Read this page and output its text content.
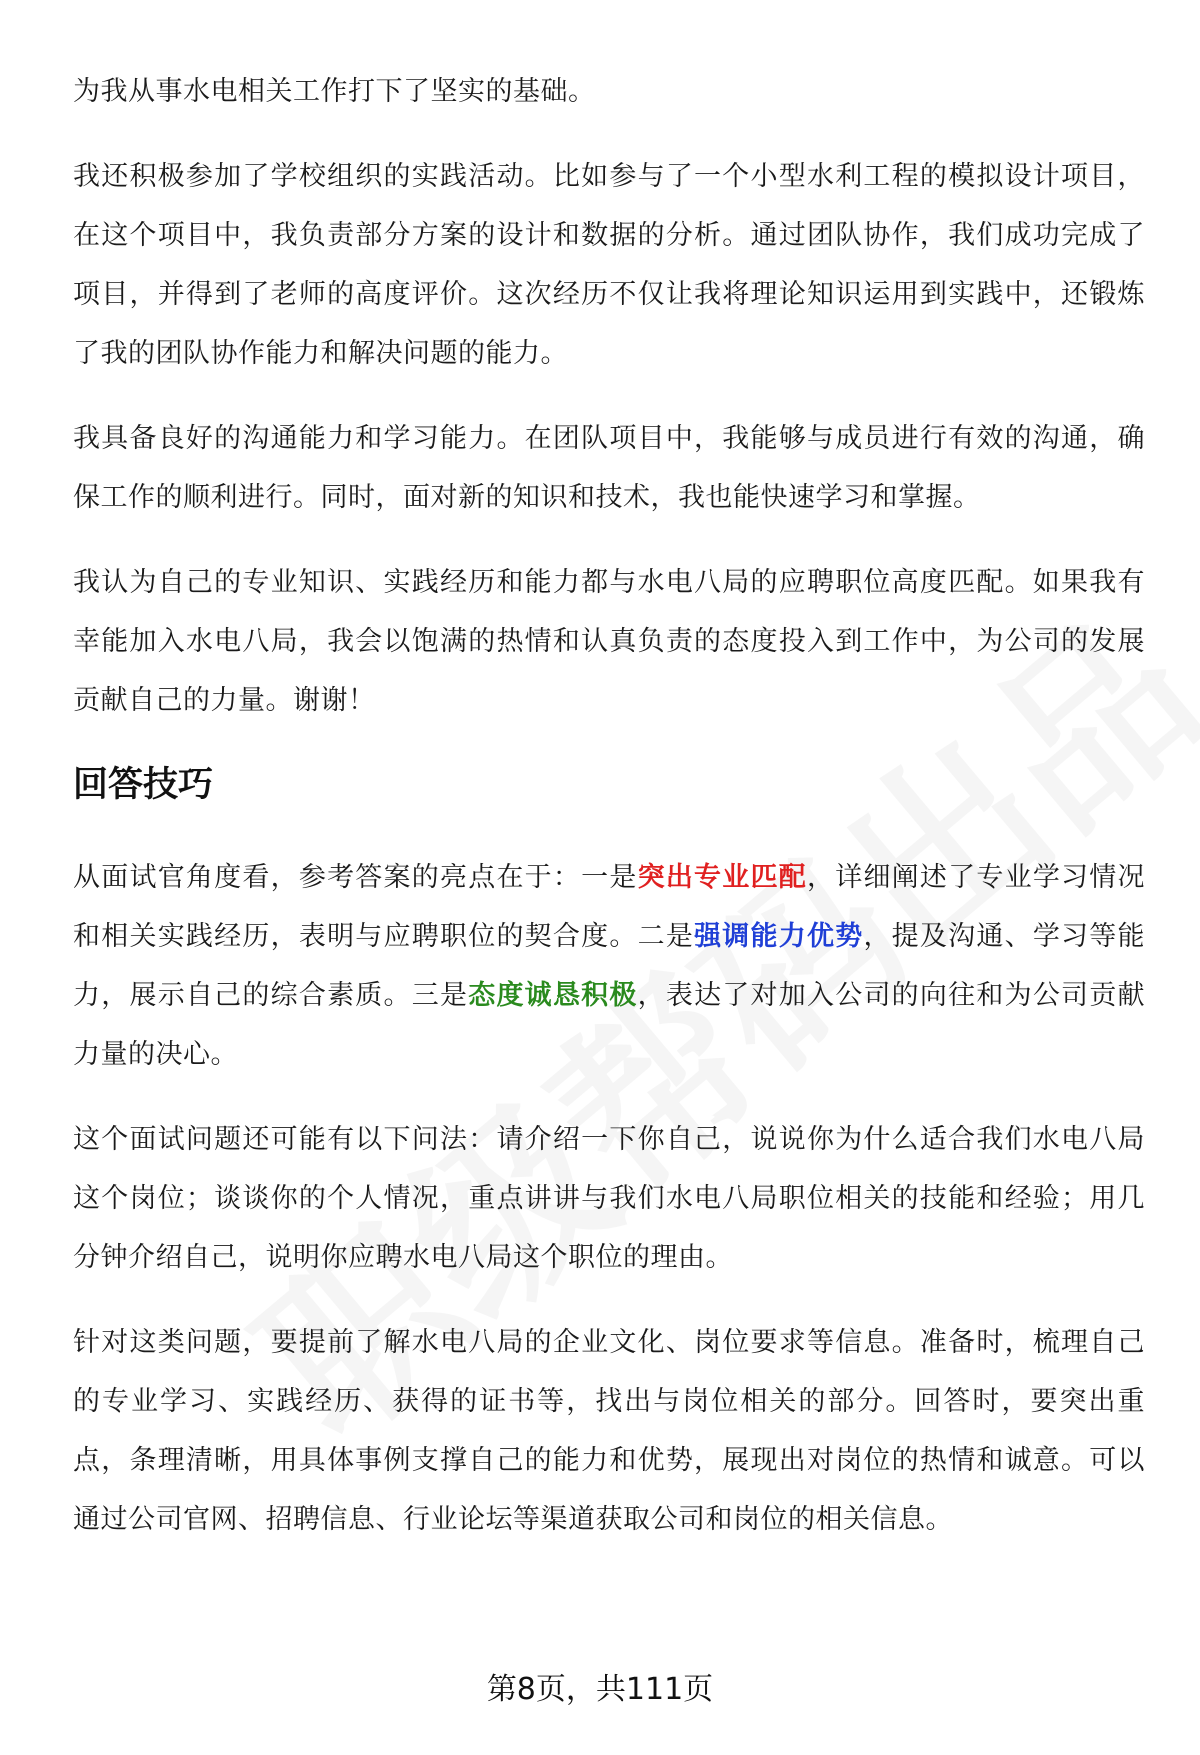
为我从事水电相关工作打下了坚实的基础。

我还积极参加了学校组织的实践活动。比如参与了一个小型水利工程的模拟设计项目，在这个项目中，我负责部分方案的设计和数据的分析。通过团队协作，我们成功完成了项目，并得到了老师的高度评价。这次经历不仅让我将理论知识运用到实践中，还锻炼了我的团队协作能力和解决问题的能力。

我具备良好的沟通能力和学习能力。在团队项目中，我能够与成员进行有效的沟通，确保工作的顺利进行。同时，面对新的知识和技术，我也能快速学习和掌握。

我认为自己的专业知识、实践经历和能力都与水电八局的应聘职位高度匹配。如果我有幸能加入水电八局，我会以饱满的热情和认真负责的态度投入到工作中，为公司的发展贡献自己的力量。谢谢！

回答技巧

从面试官角度看，参考答案的亮点在于：一是突出专业匹配，详细阐述了专业学习情况和相关实践经历，表明与应聘职位的契合度。二是强调能力优势，提及沟通、学习等能力，展示自己的综合素质。三是态度诚恳积极，表达了对加入公司的向往和为公司贡献力量的决心。

这个面试问题还可能有以下问法：请介绍一下你自己，说说你为什么适合我们水电八局这个岗位；谈谈你的个人情况，重点讲讲与我们水电八局职位相关的技能和经验；用几分钟介绍自己，说明你应聘水电八局这个职位的理由。

针对这类问题，要提前了解水电八局的企业文化、岗位要求等信息。准备时，梳理自己的专业学习、实践经历、获得的证书等，找出与岗位相关的部分。回答时，要突出重点，条理清晰，用具体事例支撑自己的能力和优势，展现出对岗位的热情和诚意。可以通过公司官网、招聘信息、行业论坛等渠道获取公司和岗位的相关信息。

第8页，共111页
